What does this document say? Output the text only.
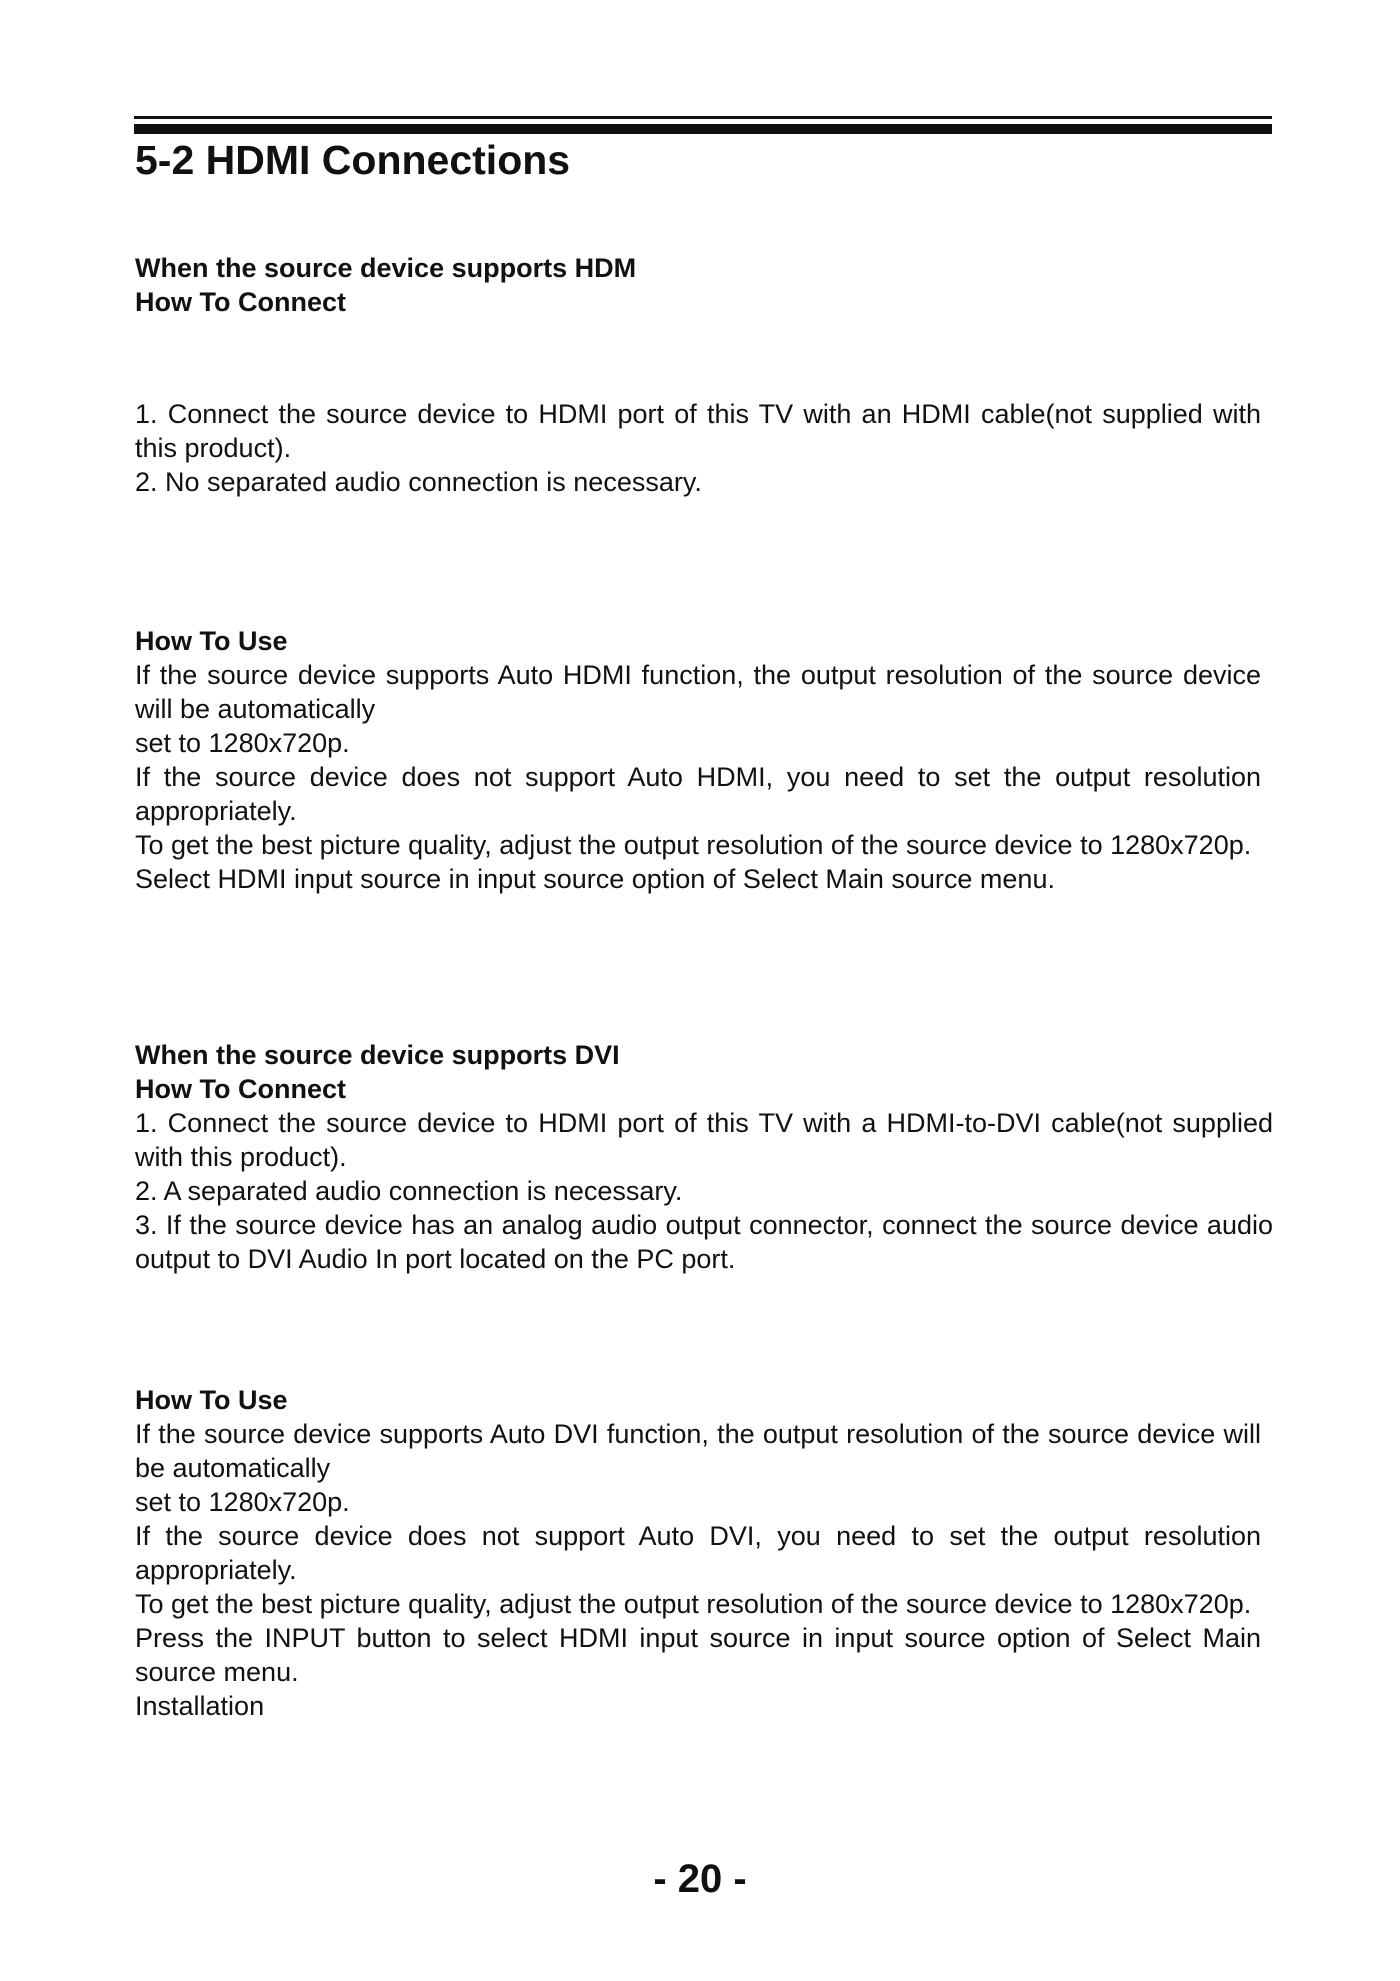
5-2 HDMI Connections

When the source device supports HDM

How To Connect

1. Connect the source device to HDMI port of this TV with an HDMI cable(not supplied with this product).

2. No separated audio connection is necessary.

How To Use

If the source device supports Auto HDMI function, the output resolution of the source device will be automatically

set to 1280x720p.

If the source device does not support Auto HDMI, you need to set the output resolution appropriately.

To get the best picture quality, adjust the output resolution of the source device to 1280x720p.

Select HDMI input source in input source option of Select Main source menu.

When the source device supports DVI

How To Connect

1. Connect the source device to HDMI port of this TV with a HDMI-to-DVI cable(not supplied with this product).

2. A separated audio connection is necessary.

3. If the source device has an analog audio output connector, connect the source device audio output to DVI Audio In port located on the PC port.

How To Use

If the source device supports Auto DVI function, the output resolution of the source device will be automatically

set to 1280x720p.

If the source device does not support Auto DVI, you need to set the output resolution appropriately.

To get the best picture quality, adjust the output resolution of the source device to 1280x720p.

Press the INPUT button to select HDMI input source in input source option of Select Main source menu.

Installation

- 20 -
